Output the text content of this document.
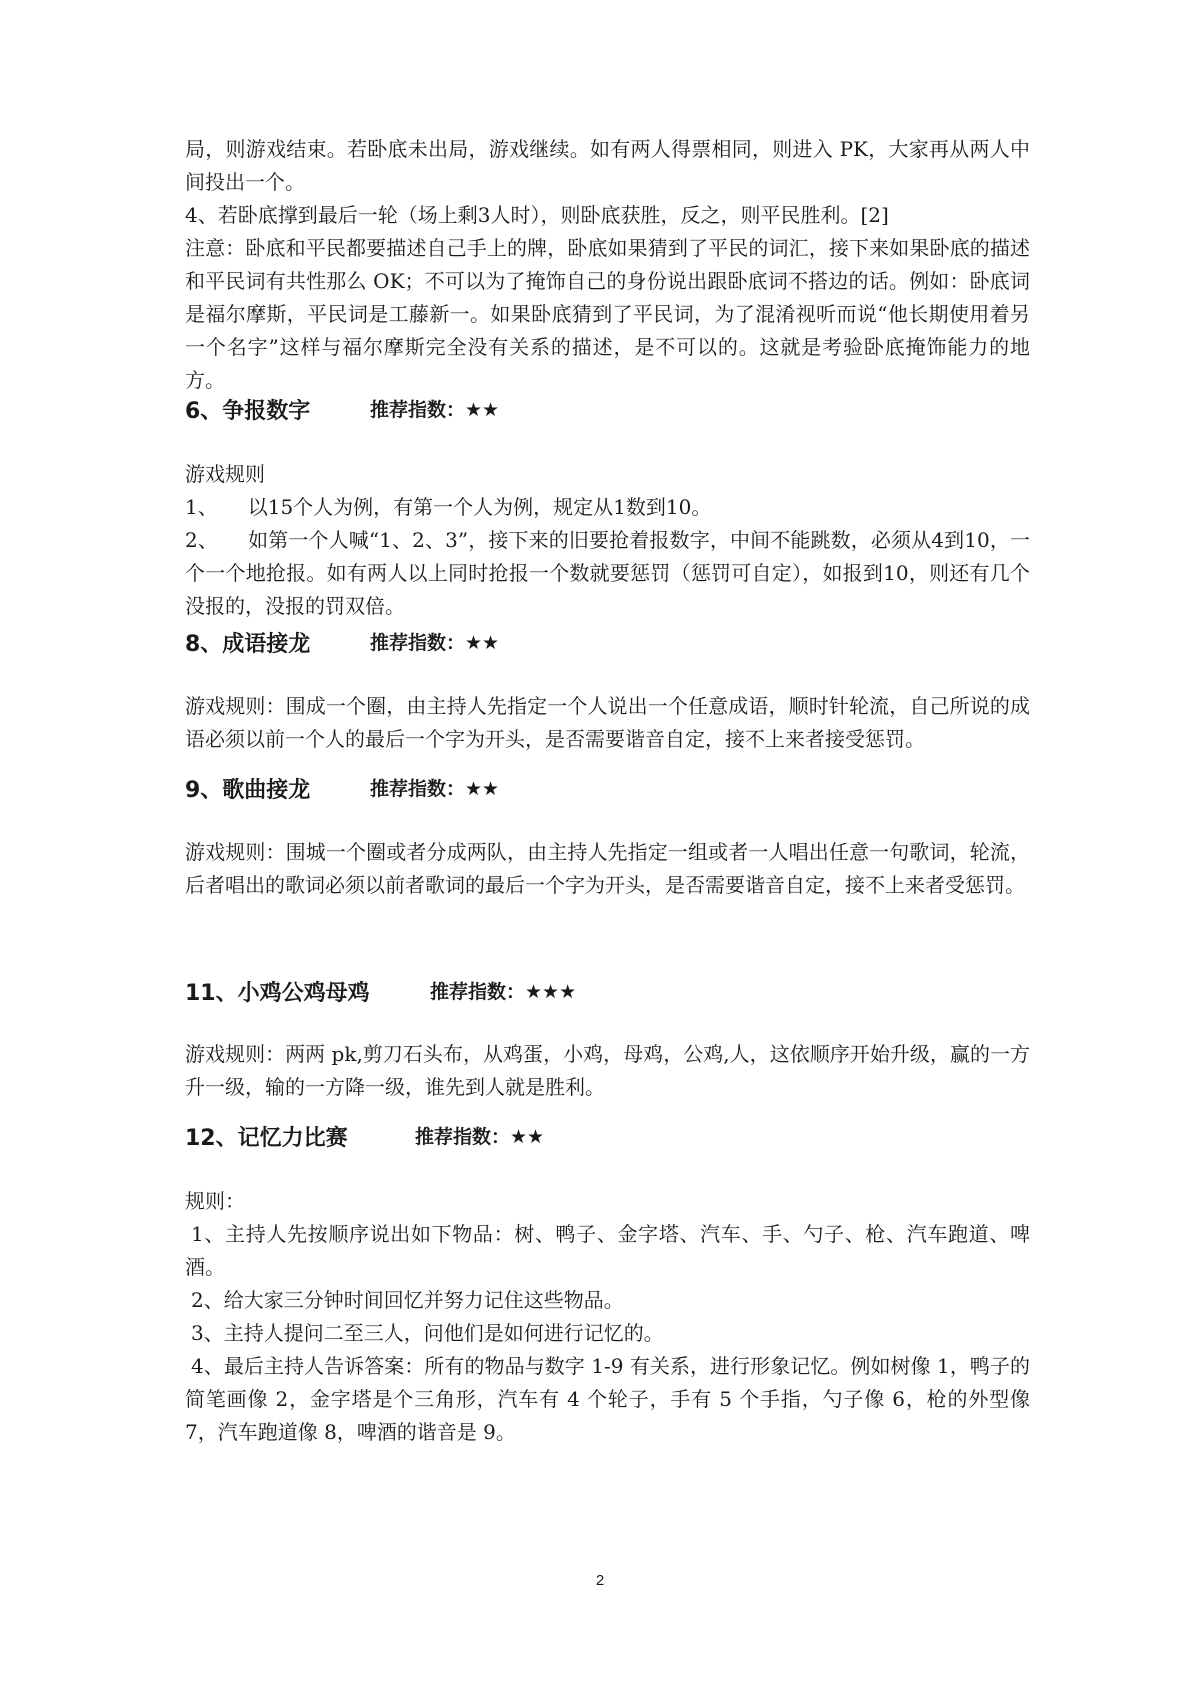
局，则游戏结束。若卧底未出局，游戏继续。如有两人得票相同，则进入 PK，大家再从两人中间投出一个。

4、若卧底撑到最后一轮（场上剩3人时），则卧底获胜，反之，则平民胜利。[2]

注意：卧底和平民都要描述自己手上的牌，卧底如果猜到了平民的词汇，接下来如果卧底的描述和平民词有共性那么 OK；不可以为了掩饰自己的身份说出跟卧底词不搭边的话。例如：卧底词是福尔摩斯，平民词是工藤新一。如果卧底猜到了平民词，为了混淆视听而说“他长期使用着另一个名字”这样与福尔摩斯完全没有关系的描述，是不可以的。这就是考验卧底掩饰能力的地方。

6、争报数字	推荐指数：★★

游戏规则

1、 以15个人为例，有第一个人为例，规定从1数到10。

2、 如第一个人喊“1、2、3”，接下来的旧要抢着报数字，中间不能跳数，必须从4到10，一个一个地抢报。如有两人以上同时抢报一个数就要惩罚（惩罚可自定），如报到10，则还有几个没报的，没报的罚双倍。

8、成语接龙	推荐指数：★★

游戏规则：围成一个圈，由主持人先指定一个人说出一个任意成语，顺时针轮流，自己所说的成语必须以前一个人的最后一个字为开头，是否需要谐音自定，接不上来者接受惩罚。

9、歌曲接龙	推荐指数：★★

游戏规则：围城一个圈或者分成两队，由主持人先指定一组或者一人唱出任意一句歌词，轮流，后者唱出的歌词必须以前者歌词的最后一个字为开头，是否需要谐音自定，接不上来者受惩罚。

11、小鸡公鸡母鸡	推荐指数：★★★

游戏规则：两两 pk,剪刀石头布，从鸡蛋，小鸡，母鸡，公鸡,人，这依顺序开始升级，赢的一方升一级，输的一方降一级，谁先到人就是胜利。

12、记忆力比赛	推荐指数：★★

规则：

1、主持人先按顺序说出如下物品：树、鸭子、金字塔、汽车、手、勺子、枪、汽车跑道、啤酒。

2、给大家三分钟时间回忆并努力记住这些物品。

3、主持人提问二至三人，问他们是如何进行记忆的。

4、最后主持人告诉答案：所有的物品与数字 1-9 有关系，进行形象记忆。例如树像 1，鸭子的简笔画像 2，金字塔是个三角形，汽车有 4 个轮子，手有 5 个手指，勺子像 6，枪的外型像 7，汽车跑道像 8，啤酒的谐音是 9。

2
